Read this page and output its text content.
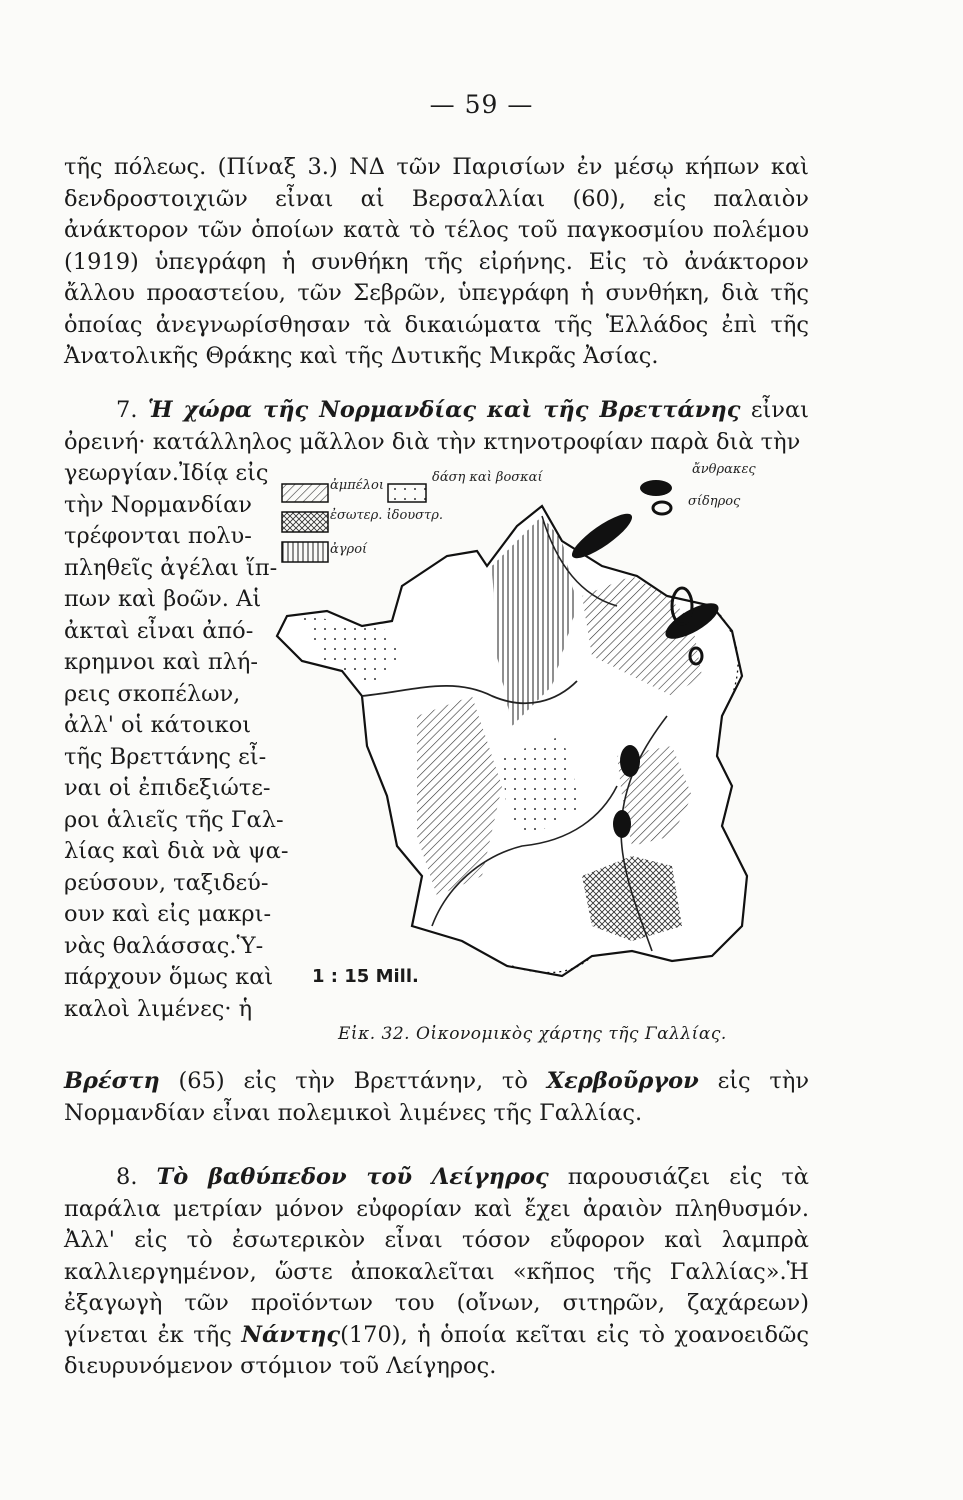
— 59 —

τῆς πόλεως. (Πίναξ 3.) ΝΔ τῶν Παρισίων ἐν μέσῳ κήπων καὶ δενδροστοιχιῶν εἶναι αἱ Βερσαλλίαι (60), εἰς παλαιὸν ἀνάκτορον τῶν ὁποίων κατὰ τὸ τέλος τοῦ παγκοσμίου πολέμου (1919) ὑπεγράφη ἡ συνθήκη τῆς εἰρήνης. Εἰς τὸ ἀνάκτορον ἄλλου προαστείου, τῶν Σεβρῶν, ὑπεγράφη ἡ συνθήκη, διὰ τῆς ὁποίας ἀνεγνωρίσθησαν τὰ δικαιώματα τῆς Ἑλλάδος ἐπὶ τῆς Ἀνατολικῆς Θράκης καὶ τῆς Δυτικῆς Μικρᾶς Ἀσίας.

7. Ἡ χώρα τῆς Νορμανδίας καὶ τῆς Βρεττάνης εἶναι ὀρεινή· κατάλληλος μᾶλλον διὰ τὴν κτηνοτροφίαν παρὰ διὰ τὴν

γεωργίαν.Ἰδίᾳ εἰς
τὴν Νορμανδίαν
τρέφονται πολυ-
πληθεῖς ἀγέλαι ἵπ-
πων καὶ βοῶν. Αἱ
ἀκταὶ εἶναι ἀπό-
κρημνοι καὶ πλή-
ρεις σκοπέλων,
ἀλλ' οἱ κάτοικοι
τῆς Βρεττάνης εἶ-
ναι οἱ ἐπιδεξιώτε-
ροι ἁλιεῖς τῆς Γαλ-
λίας καὶ διὰ νὰ ψα-
ρεύσουν, ταξιδεύ-
ουν καὶ εἰς μακρι-
νὰς θαλάσσας.Ὑ-
πάρχουν ὅμως καὶ
καλοὶ λιμένες· ἡ
ἀμπέλοι
δάση καὶ βοσκαί
ἐσωτερ. ἰδουστρ.
ἀγροί
ἄνθρακες
σίδηρος
1 : 15 Mill.
Εἰκ. 32. Οἰκονομικὸς χάρτης τῆς Γαλλίας.

Βρέστη (65) εἰς τὴν Βρεττάνην, τὸ Χερβοῦργον εἰς τὴν Νορμανδίαν εἶναι πολεμικοὶ λιμένες τῆς Γαλλίας.

8. Τὸ βαθύπεδον τοῦ Λείγηρος παρουσιάζει εἰς τὰ παράλια μετρίαν μόνον εὐφορίαν καὶ ἔχει ἀραιὸν πληθυσμόν. Ἀλλ' εἰς τὸ ἐσωτερικὸν εἶναι τόσον εὔφορον καὶ λαμπρὰ καλλιεργημένον, ὥστε ἀποκαλεῖται «κῆπος τῆς Γαλλίας».Ἡ ἐξαγωγὴ τῶν προϊόντων του (οἴνων, σιτηρῶν, ζαχάρεων) γίνεται ἐκ τῆς Νάντης(170), ἡ ὁποία κεῖται εἰς τὸ χοανοειδῶς διευρυνόμενον στόμιον τοῦ Λείγηρος.
